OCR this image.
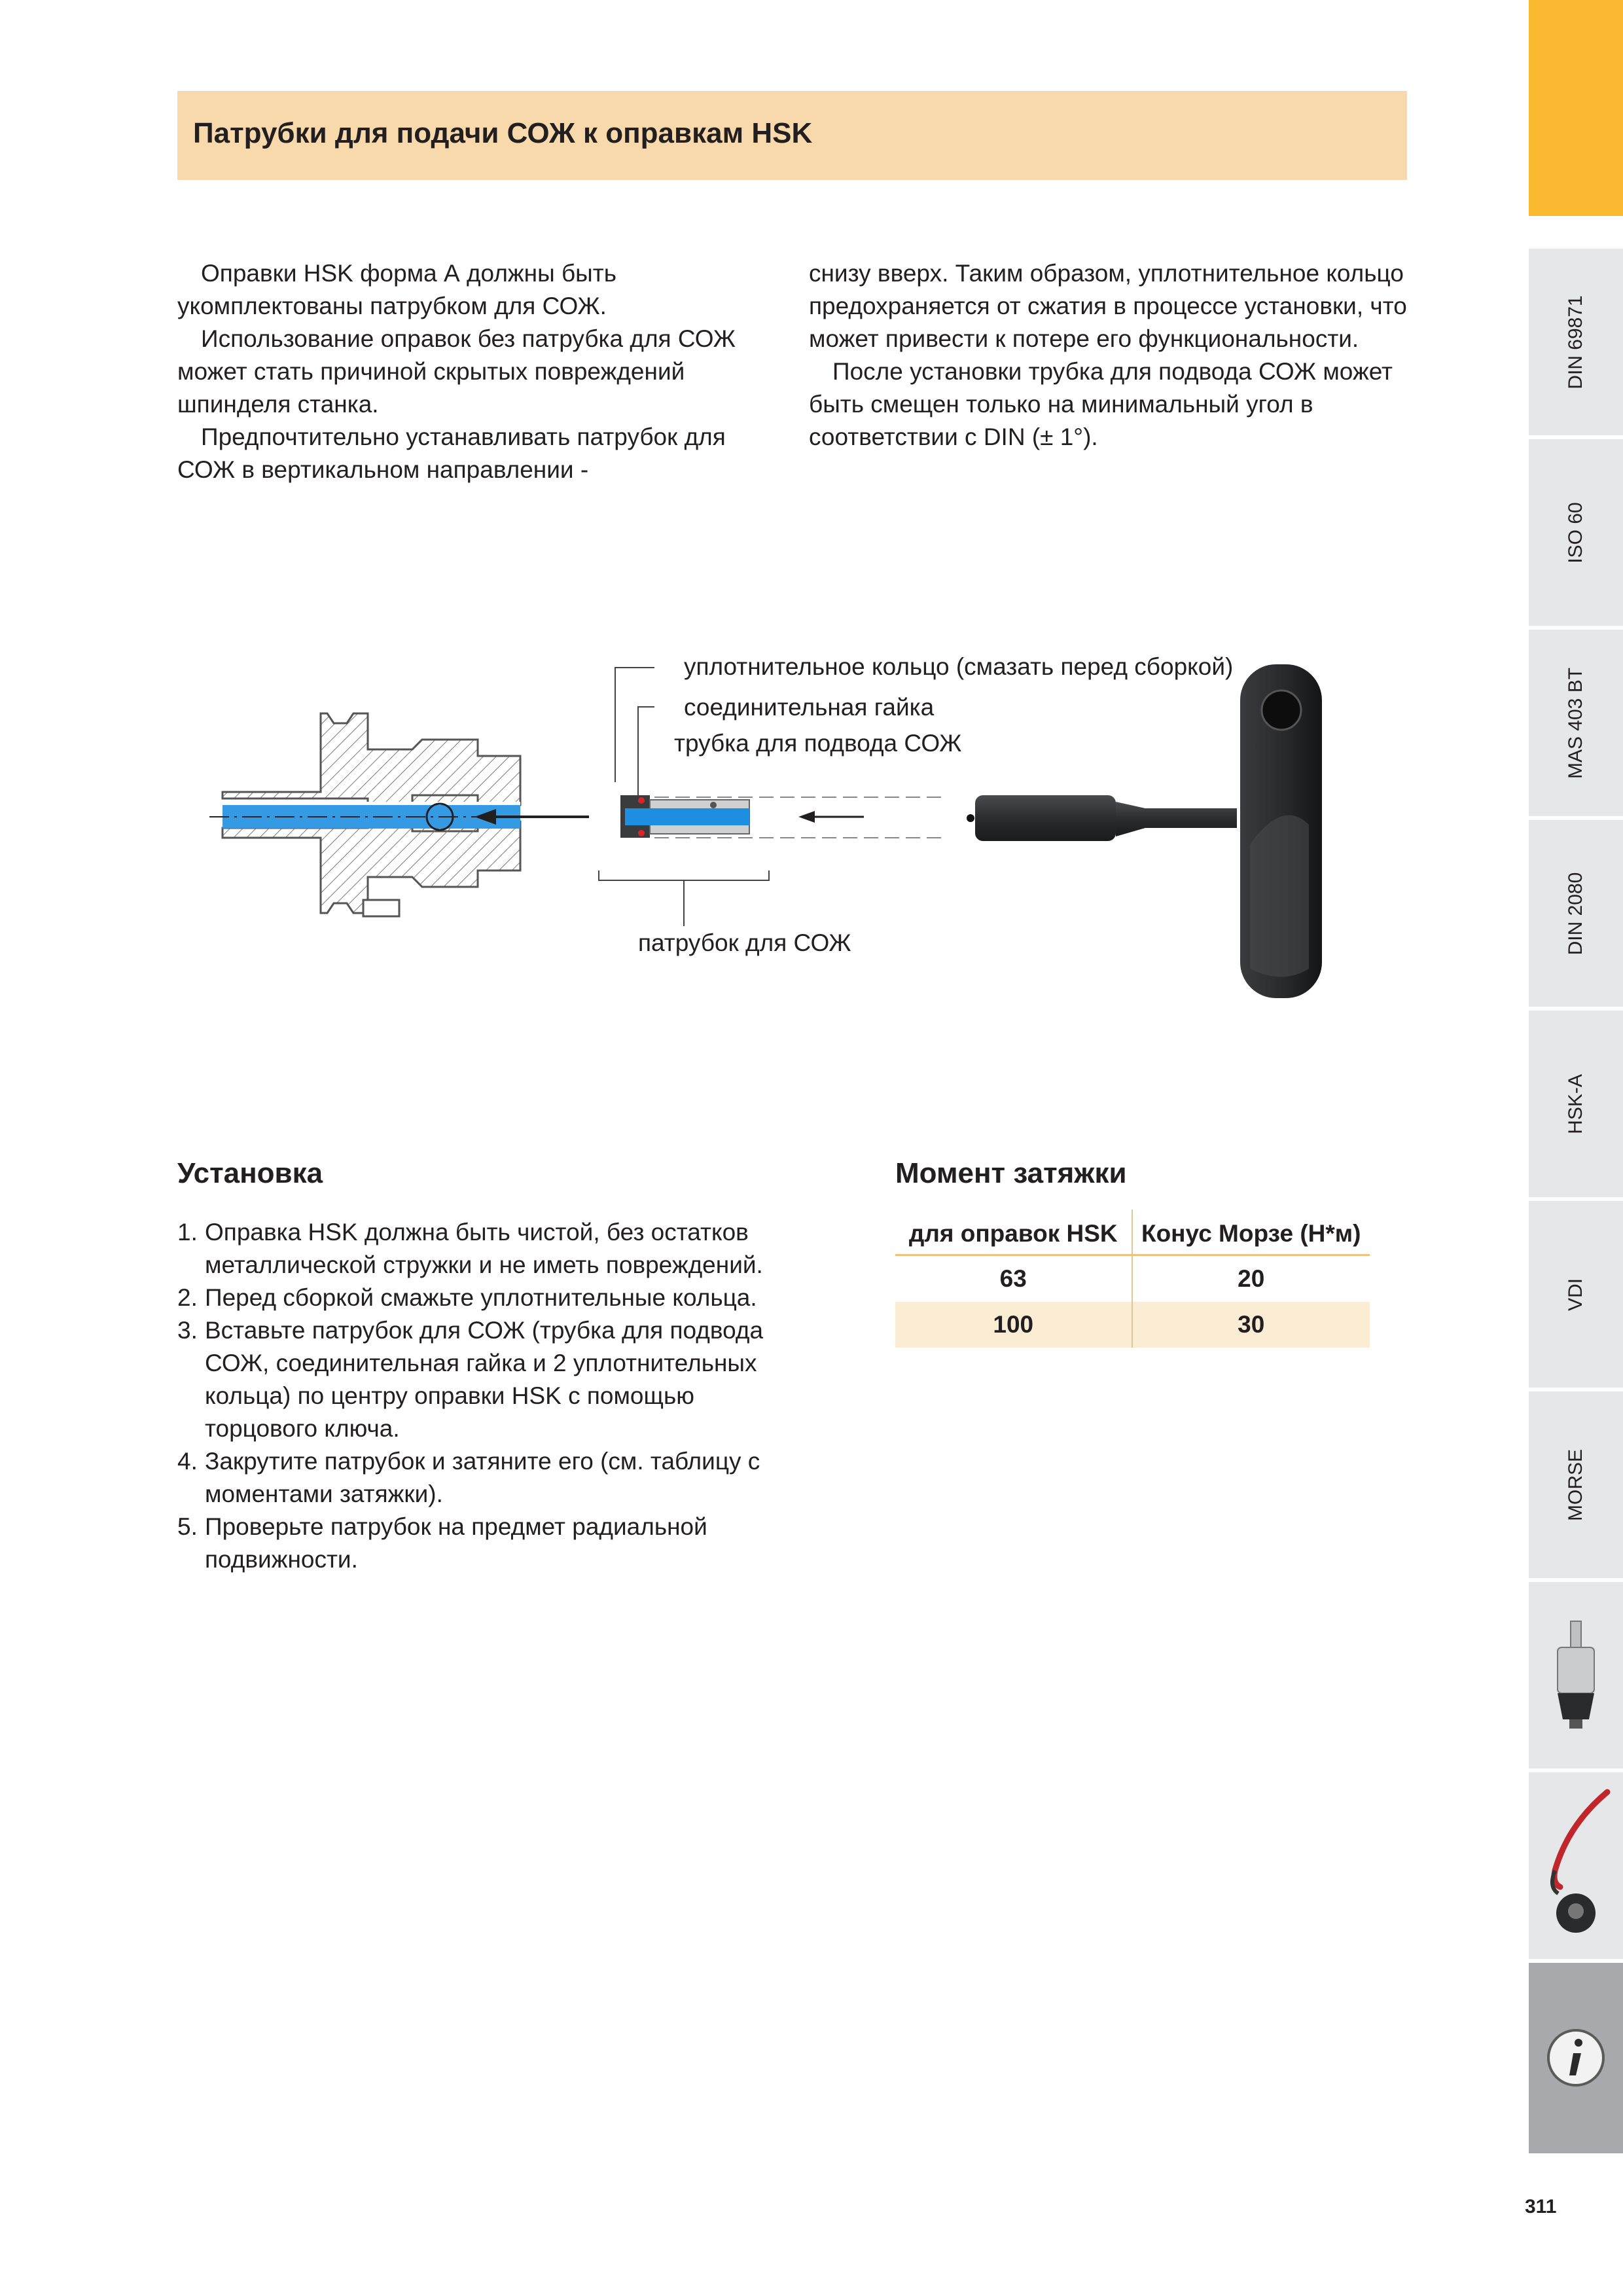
Патрубки для подачи СОЖ к оправкам HSK

Оправки HSK форма А должны быть укомплектованы патрубком для СОЖ.

Использование оправок без патрубка для СОЖ может стать причиной скрытых повреждений шпинделя станка.

Предпочтительно устанавливать патрубок для СОЖ в вертикальном направлении -

снизу вверх. Таким образом, уплотнительное кольцо предохраняется от сжатия в процессе установки, что может привести к потере его функциональности.

После установки трубка для подвода СОЖ может быть смещен только на минимальный угол в соответствии с DIN (± 1°).

уплотнительное кольцо (смазать перед сборкой)
соединительная гайка
трубка для подвода СОЖ
патрубок для СОЖ
Установка
1. Оправка HSK должна быть чистой, без остатков металлической стружки и не иметь повреждений.
2. Перед сборкой смажьте уплотнительные кольца.
3. Вставьте патрубок для СОЖ (трубка для подвода СОЖ, соединительная гайка и 2 уплотнительных кольца) по центру оправки HSK с помощью торцового ключа.
4. Закрутите патрубок и затяните его (см. таблицу с моментами затяжки).
5. Проверьте патрубок на предмет радиальной подвижности.
Момент затяжки
для оправок HSK Конус Морзе (Н*м)
63	20
100	30
DIN 69871
ISO 60
MAS 403 BT
DIN 2080
HSK-A
VDI
MORSE
311
